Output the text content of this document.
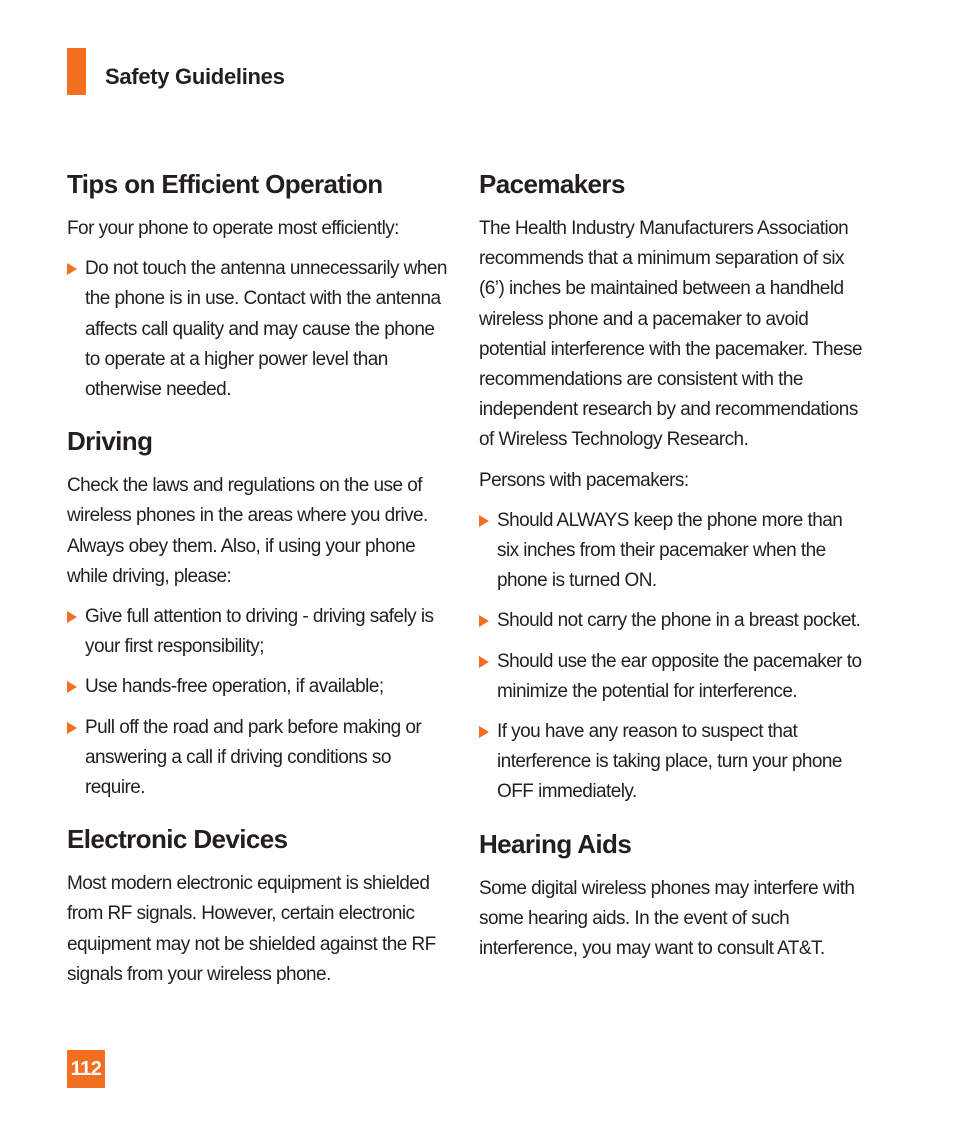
Safety Guidelines
Tips on Efficient Operation

For your phone to operate most efficiently:

Do not touch the antenna unnecessarily when the phone is in use. Contact with the antenna affects call quality and may cause the phone to operate at a higher power level than otherwise needed.
Driving

Check the laws and regulations on the use of wireless phones in the areas where you drive. Always obey them. Also, if using your phone while driving, please:

Give full attention to driving - driving safely is your first responsibility;
Use hands-free operation, if available;
Pull off the road and park before making or answering a call if driving conditions so require.
Electronic Devices

Most modern electronic equipment is shielded from RF signals. However, certain electronic equipment may not be shielded against the RF signals from your wireless phone.

Pacemakers

The Health Industry Manufacturers Association recommends that a minimum separation of six (6’) inches be maintained between a handheld wireless phone and a pacemaker to avoid potential interference with the pacemaker. These recommendations are consistent with the independent research by and recommendations of Wireless Technology Research.

Persons with pacemakers:

Should ALWAYS keep the phone more than six inches from their pacemaker when the phone is turned ON.
Should not carry the phone in a breast pocket.
Should use the ear opposite the pacemaker to minimize the potential for interference.
If you have any reason to suspect that interference is taking place, turn your phone OFF immediately.
Hearing Aids

Some digital wireless phones may interfere with some hearing aids. In the event of such interference, you may want to consult AT&T.

112
